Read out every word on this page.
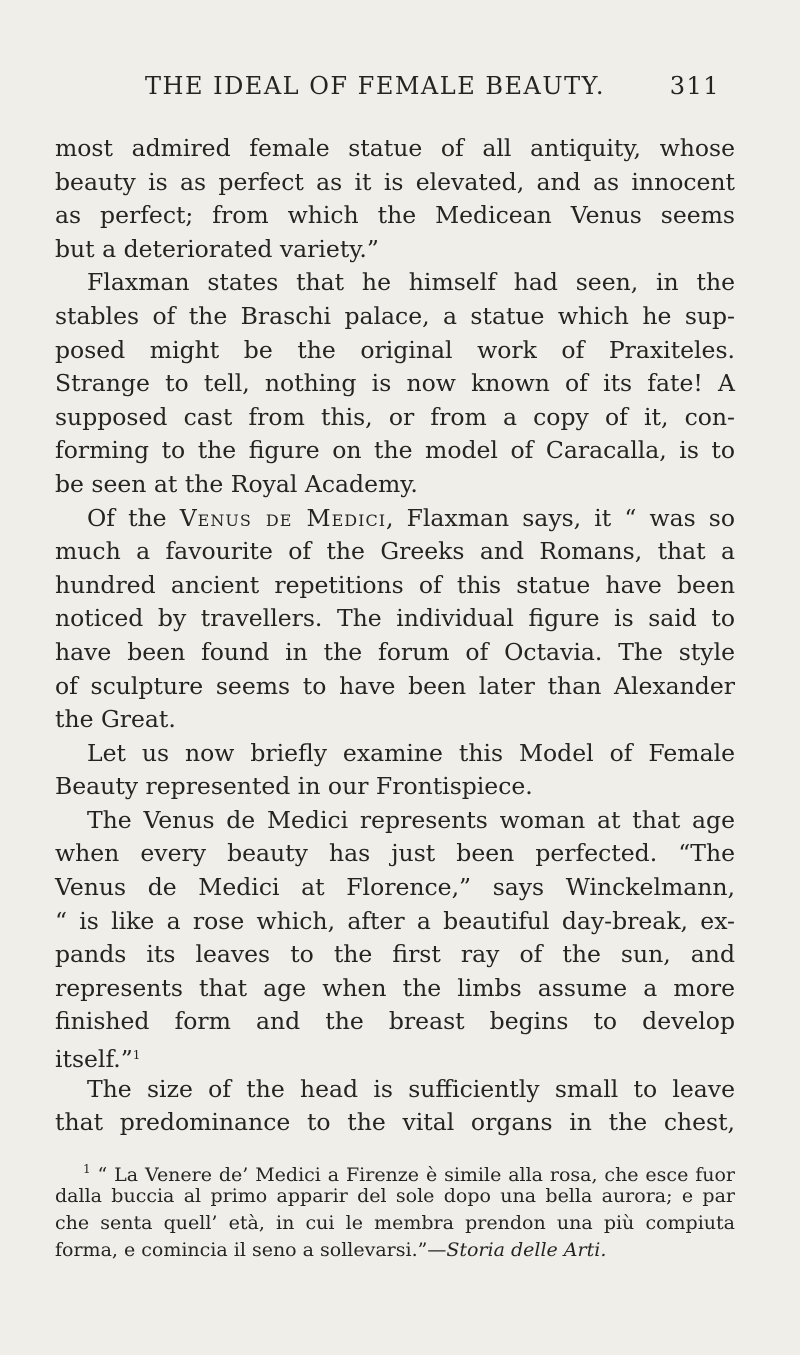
THE IDEAL OF FEMALE BEAUTY.	311
most admired female statue of all antiquity, whose
beauty is as perfect as it is elevated, and as innocent
as perfect; from which the Medicean Venus seems
but a deteriorated variety.”
Flaxman states that he himself had seen, in the
stables of the Braschi palace, a statue which he sup-
posed might be the original work of Praxiteles.
Strange to tell, nothing is now known of its fate! A
supposed cast from this, or from a copy of it, con-
forming to the figure on the model of Caracalla, is to
be seen at the Royal Academy.
Of the Venus de Medici, Flaxman says, it “ was so
much a favourite of the Greeks and Romans, that a
hundred ancient repetitions of this statue have been
noticed by travellers. The individual figure is said to
have been found in the forum of Octavia. The style
of sculpture seems to have been later than Alexander
the Great.
Let us now briefly examine this Model of Female
Beauty represented in our Frontispiece.
The Venus de Medici represents woman at that age
when every beauty has just been perfected. “The
Venus de Medici at Florence,” says Winckelmann,
“ is like a rose which, after a beautiful day-break, ex-
pands its leaves to the first ray of the sun, and
represents that age when the limbs assume a more
finished form and the breast begins to develop
itself.”$^1$
The size of the head is sufficiently small to leave
that predominance to the vital organs in the chest,
$^1$ “ La Venere de’ Medici a Firenze è simile alla rosa, che esce fuor
dalla buccia al primo apparir del sole dopo una bella aurora; e par
che senta quell’ età, in cui le membra prendon una più compiuta
forma, e comincia il seno a sollevarsi.”—Storia delle Arti.
